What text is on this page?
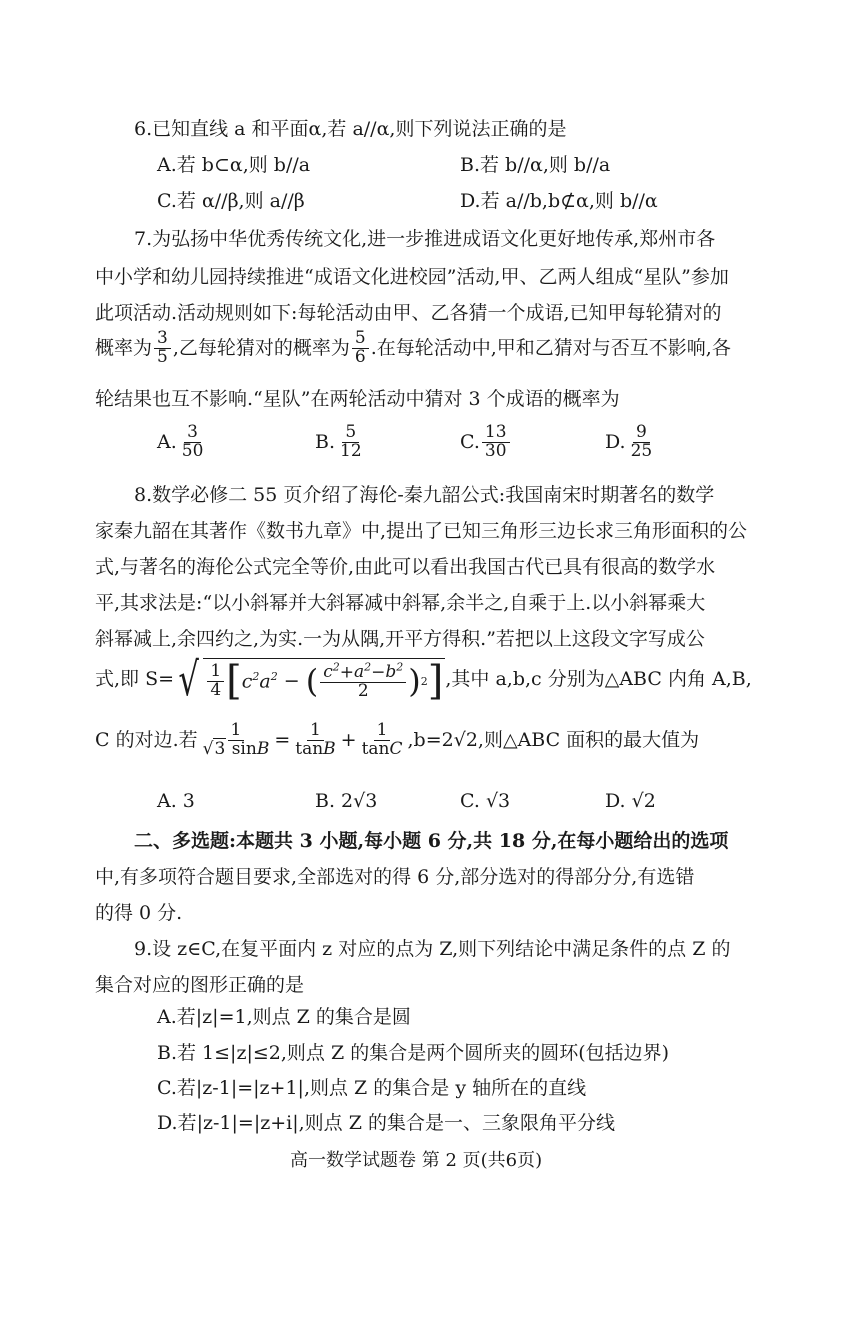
6.已知直线 a 和平面α,若 a//α,则下列说法正确的是
A.若 b⊂α,则 b//a	B.若 b//α,则 b//a
C.若 α//β,则 a//β	D.若 a//b,b⊄α,则 b//α
7.为弘扬中华优秀传统文化,进一步推进成语文化更好地传承,郑州市各
中小学和幼儿园持续推进“成语文化进校园”活动,甲、乙两人组成“星队”参加
此项活动.活动规则如下:每轮活动由甲、乙各猜一个成语,已知甲每轮猜对的
概率为 $\frac{3}{5}$ ,乙每轮猜对的概率为 $\frac{5}{6}$ .在每轮活动中,甲和乙猜对与否互不影响,各
轮结果也互不影响.“星队”在两轮活动中猜对 3 个成语的概率为
A. $\frac{3}{50}$	B. $\frac{5}{12}$	C. $\frac{13}{30}$	D. $\frac{9}{25}$
8.数学必修二 55 页介绍了海伦-秦九韶公式:我国南宋时期著名的数学
家秦九韶在其著作《数书九章》中,提出了已知三角形三边长求三角形面积的公
式,与著名的海伦公式完全等价,由此可以看出我国古代已具有很高的数学水
平,其求法是:“以小斜幂并大斜幂减中斜幂,余半之,自乘于上.以小斜幂乘大
斜幂减上,余四约之,为实.一为从隅,开平方得积.”若把以上这段文字写成公
式,即 S= √ $\frac{1}{4}$ [ $c^2a^2$ − ( $\frac{c^2+a^2-b^2}{2}$ ) 2 ] ,其中 a,b,c 分别为△ABC 内角 A,B,
C 的对边.若 $\frac{1}{√3 \sin B} = \frac{1}{\tan B} + \frac{1}{\tan C} ,b=2√2$,则△ABC 面积的最大值为
A. 3	B. 2√3	C. √3	D. √2
二、多选题:本题共 3 小题,每小题 6 分,共 18 分,在每小题给出的选项
中,有多项符合题目要求,全部选对的得 6 分,部分选对的得部分分,有选错
的得 0 分.
9.设 z∈C,在复平面内 z 对应的点为 Z,则下列结论中满足条件的点 Z 的
集合对应的图形正确的是
A.若|z|=1,则点 Z 的集合是圆
B.若 1≤|z|≤2,则点 Z 的集合是两个圆所夹的圆环(包括边界)
C.若|z-1|=|z+1|,则点 Z 的集合是 y 轴所在的直线
D.若|z-1|=|z+i|,则点 Z 的集合是一、三象限角平分线
高一数学试题卷 第 2 页(共6页)
